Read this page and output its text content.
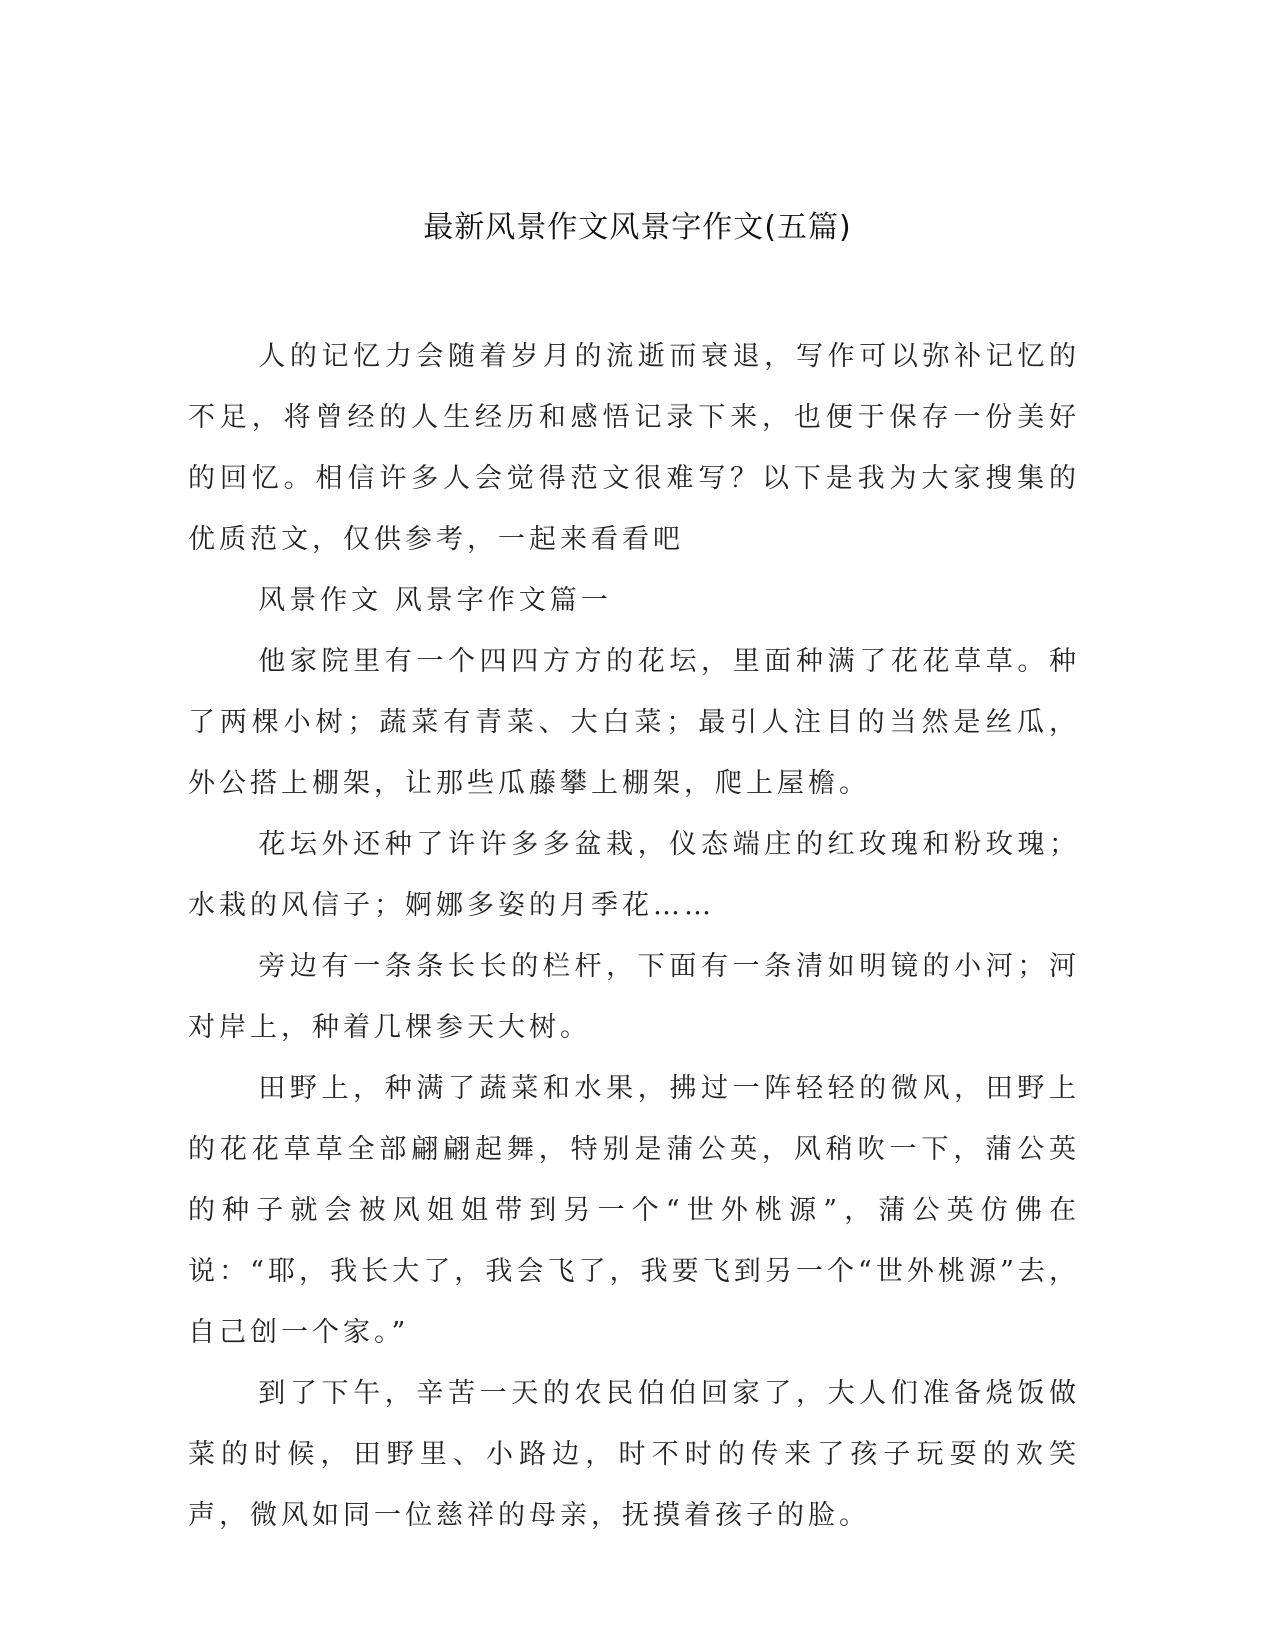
最新风景作文风景字作文(五篇)

人的记忆力会随着岁月的流逝而衰退，写作可以弥补记忆的不足，将曾经的人生经历和感悟记录下来，也便于保存一份美好的回忆。相信许多人会觉得范文很难写？以下是我为大家搜集的优质范文，仅供参考，一起来看看吧

风景作文 风景字作文篇一

他家院里有一个四四方方的花坛，里面种满了花花草草。种了两棵小树；蔬菜有青菜、大白菜；最引人注目的当然是丝瓜，外公搭上棚架，让那些瓜藤攀上棚架，爬上屋檐。

花坛外还种了许许多多盆栽，仪态端庄的红玫瑰和粉玫瑰；水栽的风信子；婀娜多姿的月季花……

旁边有一条条长长的栏杆，下面有一条清如明镜的小河；河对岸上，种着几棵参天大树。

田野上，种满了蔬菜和水果，拂过一阵轻轻的微风，田野上的花花草草全部翩翩起舞，特别是蒲公英，风稍吹一下，蒲公英的种子就会被风姐姐带到另一个“世外桃源”，蒲公英仿佛在说：“耶，我长大了，我会飞了，我要飞到另一个“世外桃源”去，自己创一个家。”

到了下午，辛苦一天的农民伯伯回家了，大人们准备烧饭做菜的时候，田野里、小路边，时不时的传来了孩子玩耍的欢笑声，微风如同一位慈祥的母亲，抚摸着孩子的脸。
